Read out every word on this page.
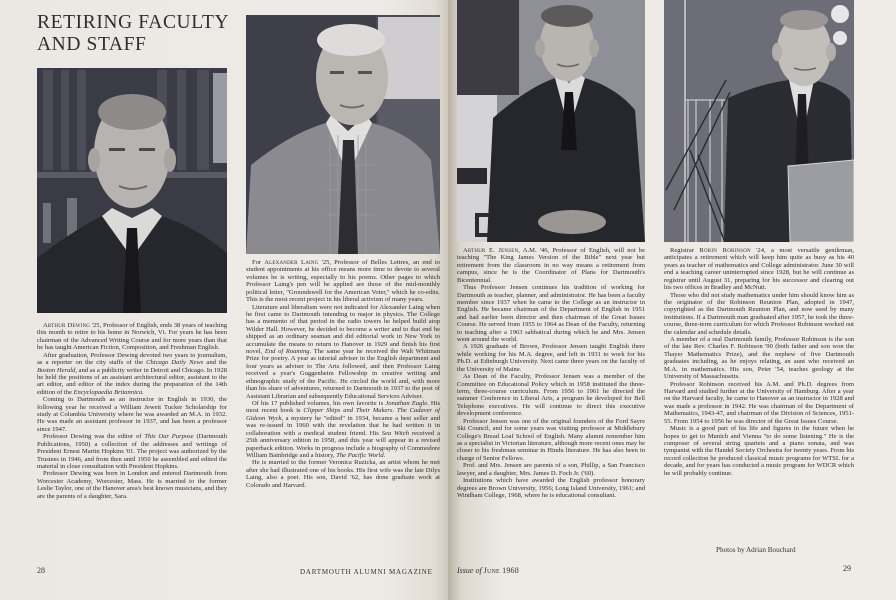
RETIRING FACULTY
AND STAFF

Arthur Dewing '25, Professor of English, ends 38 years of teaching this month to retire to his home in Norwich, Vt. For years he has been chairman of the Advanced Writing Course and for more years than that he has taught American Fiction, Composition, and Freshman English.

After graduation, Professor Dewing devoted two years to journalism, as a reporter on the city staffs of the Chicago Daily News and the Boston Herald, and as a publicity writer in Detroit and Chicago. In 1928 he held the positions of an assistant architectural editor, assistant to the art editor, and editor of the index during the preparation of the 14th edition of the Encyclopaedia Britannica.

Coming to Dartmouth as an instructor in English in 1930, the following year he received a William Jewett Tucker Scholarship for study at Columbia University where he was awarded an M.A. in 1932. He was made an assistant professor in 1937, and has been a professor since 1947.

Professor Dewing was the editor of This Our Purpose (Dartmouth Publications, 1950) a collection of the addresses and writings of President Ernest Martin Hopkins '01. The project was authorized by the Trustees in 1946, and from then until 1950 he assembled and edited the material in close consultation with President Hopkins.

Professor Dewing was born in London and entered Dartmouth from Worcester Academy, Worcester, Mass. He is married to the former Leslie Taylor, one of the Hanover area's best known musicians, and they are the parents of a daughter, Sara.

28

For Alexander Laing '25, Professor of Belles Lettres, an end to student appointments at his office means more time to devote to several volumes he is writing, especially to his poems. Other pages to which Professor Laing's pen will be applied are those of the mid-monthly political letter, "Groundswell for the American Voter," which he co-edits. This is the most recent project in his liberal activism of many years.

Literature and liberalism were not indicated for Alexander Laing when he first came to Dartmouth intending to major in physics. The College has a memento of that period in the radio towers he helped build atop Wilder Hall. However, he decided to become a writer and to that end he shipped as an ordinary seaman and did editorial work in New York to accumulate the means to return to Hanover in 1929 and finish his first novel, End of Roaming. The same year he received the Walt Whitman Prize for poetry. A year as tutorial adviser in the English department and four years as adviser to The Arts followed, and then Professor Laing received a year's Guggenheim Fellowship in creative writing and ethnographic study of the Pacific. He circled the world and, with more than his share of adventures, returned to Dartmouth in 1937 to the post of Assistant Librarian and subsequently Educational Services Adviser.

Of his 17 published volumes, his own favorite is Jonathan Eagle. His most recent book is Clipper Ships and Their Makers. The Cadaver of Gideon Wyck, a mystery he "edited" in 1934, became a best seller and was re-issued in 1960 with the revelation that he had written it in collaboration with a medical student friend. His Sea Witch received a 25th anniversary edition in 1958, and this year will appear in a revised paperback edition. Works in progress include a biography of Commodore William Bainbridge and a history, The Pacific World.

He is married to the former Veronica Ruzicka, an artist whom he met after she had illustrated one of his books. His first wife was the late Dilys Laing, also a poet. His son, David '62, has done graduate work at Colorado and Harvard.

DARTMOUTH ALUMNI MAGAZINE

Arthur E. Jensen, A.M. '46, Professor of English, will not be teaching "The King James Version of the Bible" next year but retirement from the classroom in no way means a retirement from campus, since he is the Coordinator of Plans for Dartmouth's Bicentennial.

Thus Professor Jensen continues his tradition of working for Dartmouth as teacher, planner, and administrator. He has been a faculty member since 1937 when he came to the College as an instructor in English. He became chairman of the Department of English in 1951 and had earlier been director and then chairman of the Great Issues Course. He served from 1955 to 1964 as Dean of the Faculty, returning to teaching after a 1963 sabbatical during which he and Mrs. Jensen went around the world.

A 1926 graduate of Brown, Professor Jensen taught English there while working for his M.A. degree, and left in 1931 to work for his Ph.D. at Edinburgh University. Next came three years on the faculty of the University of Maine.

As Dean of the Faculty, Professor Jensen was a member of the Committee on Educational Policy which in 1958 instituted the three-term, three-course curriculum. From 1956 to 1961 he directed the summer Conference in Liberal Arts, a program he developed for Bell Telephone executives. He will continue to direct this executive development conference.

Professor Jensen was one of the original founders of the Ford Sayre Ski Council, and for some years was visiting professor at Middlebury College's Bread Loaf School of English. Many alumni remember him as a specialist in Victorian literature, although more recent ones may be closer to his freshman seminar in Hindu literature. He has also been in charge of Senior Fellows.

Prof. and Mrs. Jensen are parents of a son, Phillip, a San Francisco lawyer, and a daughter, Mrs. James D. Foch Jr. ('60).

Institutions which have awarded the English professor honorary degrees are Brown University, 1956; Long Island University, 1961; and Windham College, 1968, where he is educational consultant.

Issue of June 1968

Registrar Robin Robinson '24, a most versatile gentleman, anticipates a retirement which will keep him quite as busy as his 40 years as teacher of mathematics and College administrator. June 30 will end a teaching career uninterrupted since 1928, but he will continue as registrar until August 31, preparing for his successor and clearing out his two offices in Bradley and McNutt.

Those who did not study mathematics under him should know him as the originator of the Robinson Reunion Plan, adopted in 1947, copyrighted as the Dartmouth Reunion Plan, and now used by many institutions. If a Dartmouth man graduated after 1957, he took the three-course, three-term curriculum for which Professor Robinson worked out the calendar and schedule details.

A member of a real Dartmouth family, Professor Robinson is the son of the late Rev. Charles F. Robinson '90 (both father and son won the Thayer Mathematics Prize), and the nephew of five Dartmouth graduates including, as he enjoys relating, an aunt who received an M.A. in mathematics. His son, Peter '54, teaches geology at the University of Massachusetts.

Professor Robinson received his A.M. and Ph.D. degrees from Harvard and studied further at the University of Hamburg. After a year on the Harvard faculty, he came to Hanover as an instructor in 1928 and was made a professor in 1942. He was chairman of the Department of Mathematics, 1943-47, and chairman of the Division of Sciences, 1951-55. From 1954 to 1956 he was director of the Great Issues Course.

Music is a good part of his life and figures in the future when he hopes to get to Munich and Vienna "to do some listening." He is the composer of several string quartets and a piano sonata, and was tympanist with the Handel Society Orchestra for twenty years. From his record collection he produced classical music programs for WTSL for a decade, and for years has conducted a music program for WDCR which he will probably continue.

Photos by Adrian Bouchard
29
